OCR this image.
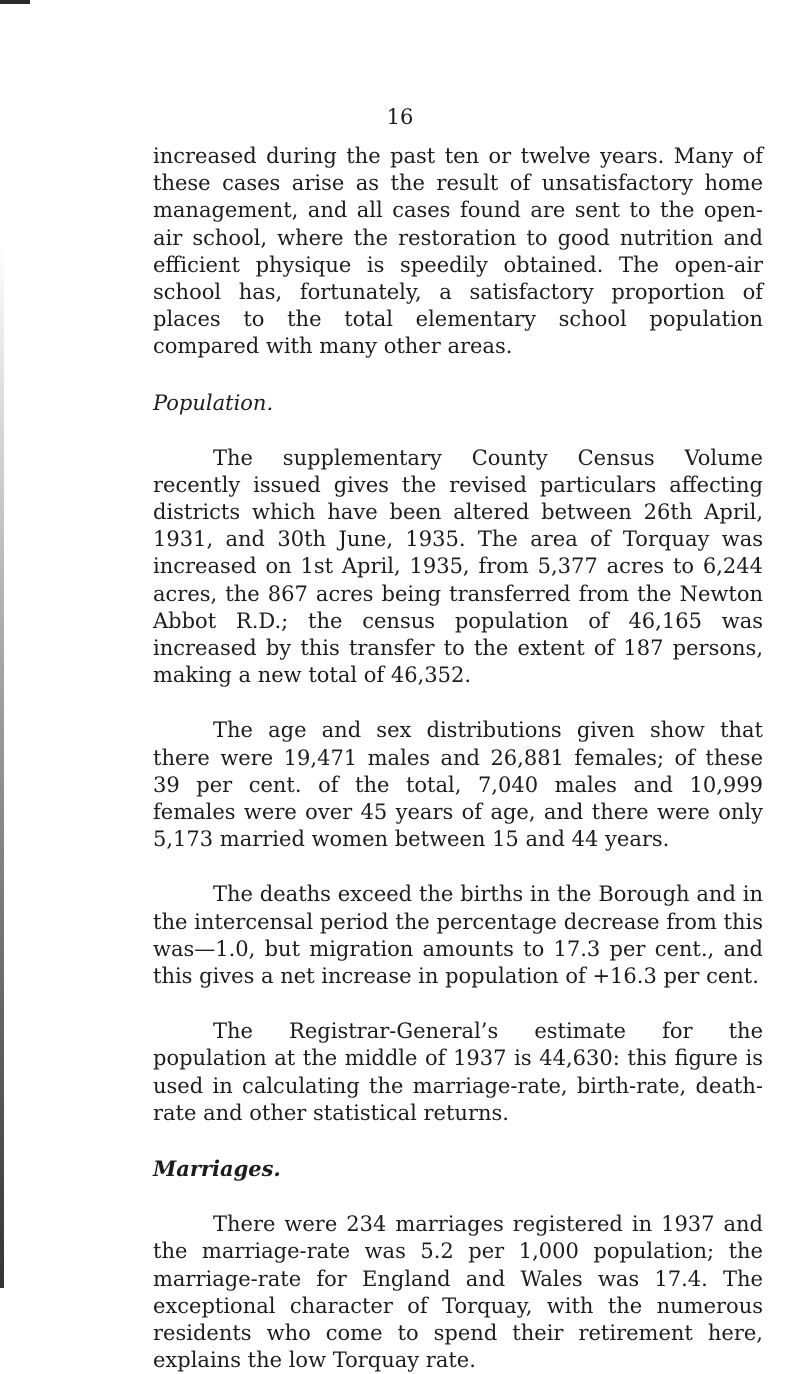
16

increased during the past ten or twelve years. Many of these cases arise as the result of unsatisfactory home management, and all cases found are sent to the open-air school, where the restoration to good nutrition and efficient physique is speedily obtained. The open-air school has, fortunately, a satisfactory proportion of places to the total elementary school population compared with many other areas.

Population.

The supplementary County Census Volume recently issued gives the revised particulars affecting districts which have been altered between 26th April, 1931, and 30th June, 1935. The area of Torquay was increased on 1st April, 1935, from 5,377 acres to 6,244 acres, the 867 acres being transferred from the Newton Abbot R.D.; the census population of 46,165 was increased by this transfer to the extent of 187 persons, making a new total of 46,352.

The age and sex distributions given show that there were 19,471 males and 26,881 females; of these 39 per cent. of the total, 7,040 males and 10,999 females were over 45 years of age, and there were only 5,173 married women between 15 and 44 years.

The deaths exceed the births in the Borough and in the intercensal period the percentage decrease from this was—1.0, but migration amounts to 17.3 per cent., and this gives a net increase in population of +16.3 per cent.

The Registrar-General’s estimate for the population at the middle of 1937 is 44,630: this figure is used in calculating the marriage-rate, birth-rate, death-rate and other statistical returns.

Marriages.

There were 234 marriages registered in 1937 and the marriage-rate was 5.2 per 1,000 population; the marriage-rate for England and Wales was 17.4. The exceptional character of Torquay, with the numerous residents who come to spend their retirement here, explains the low Torquay rate.
